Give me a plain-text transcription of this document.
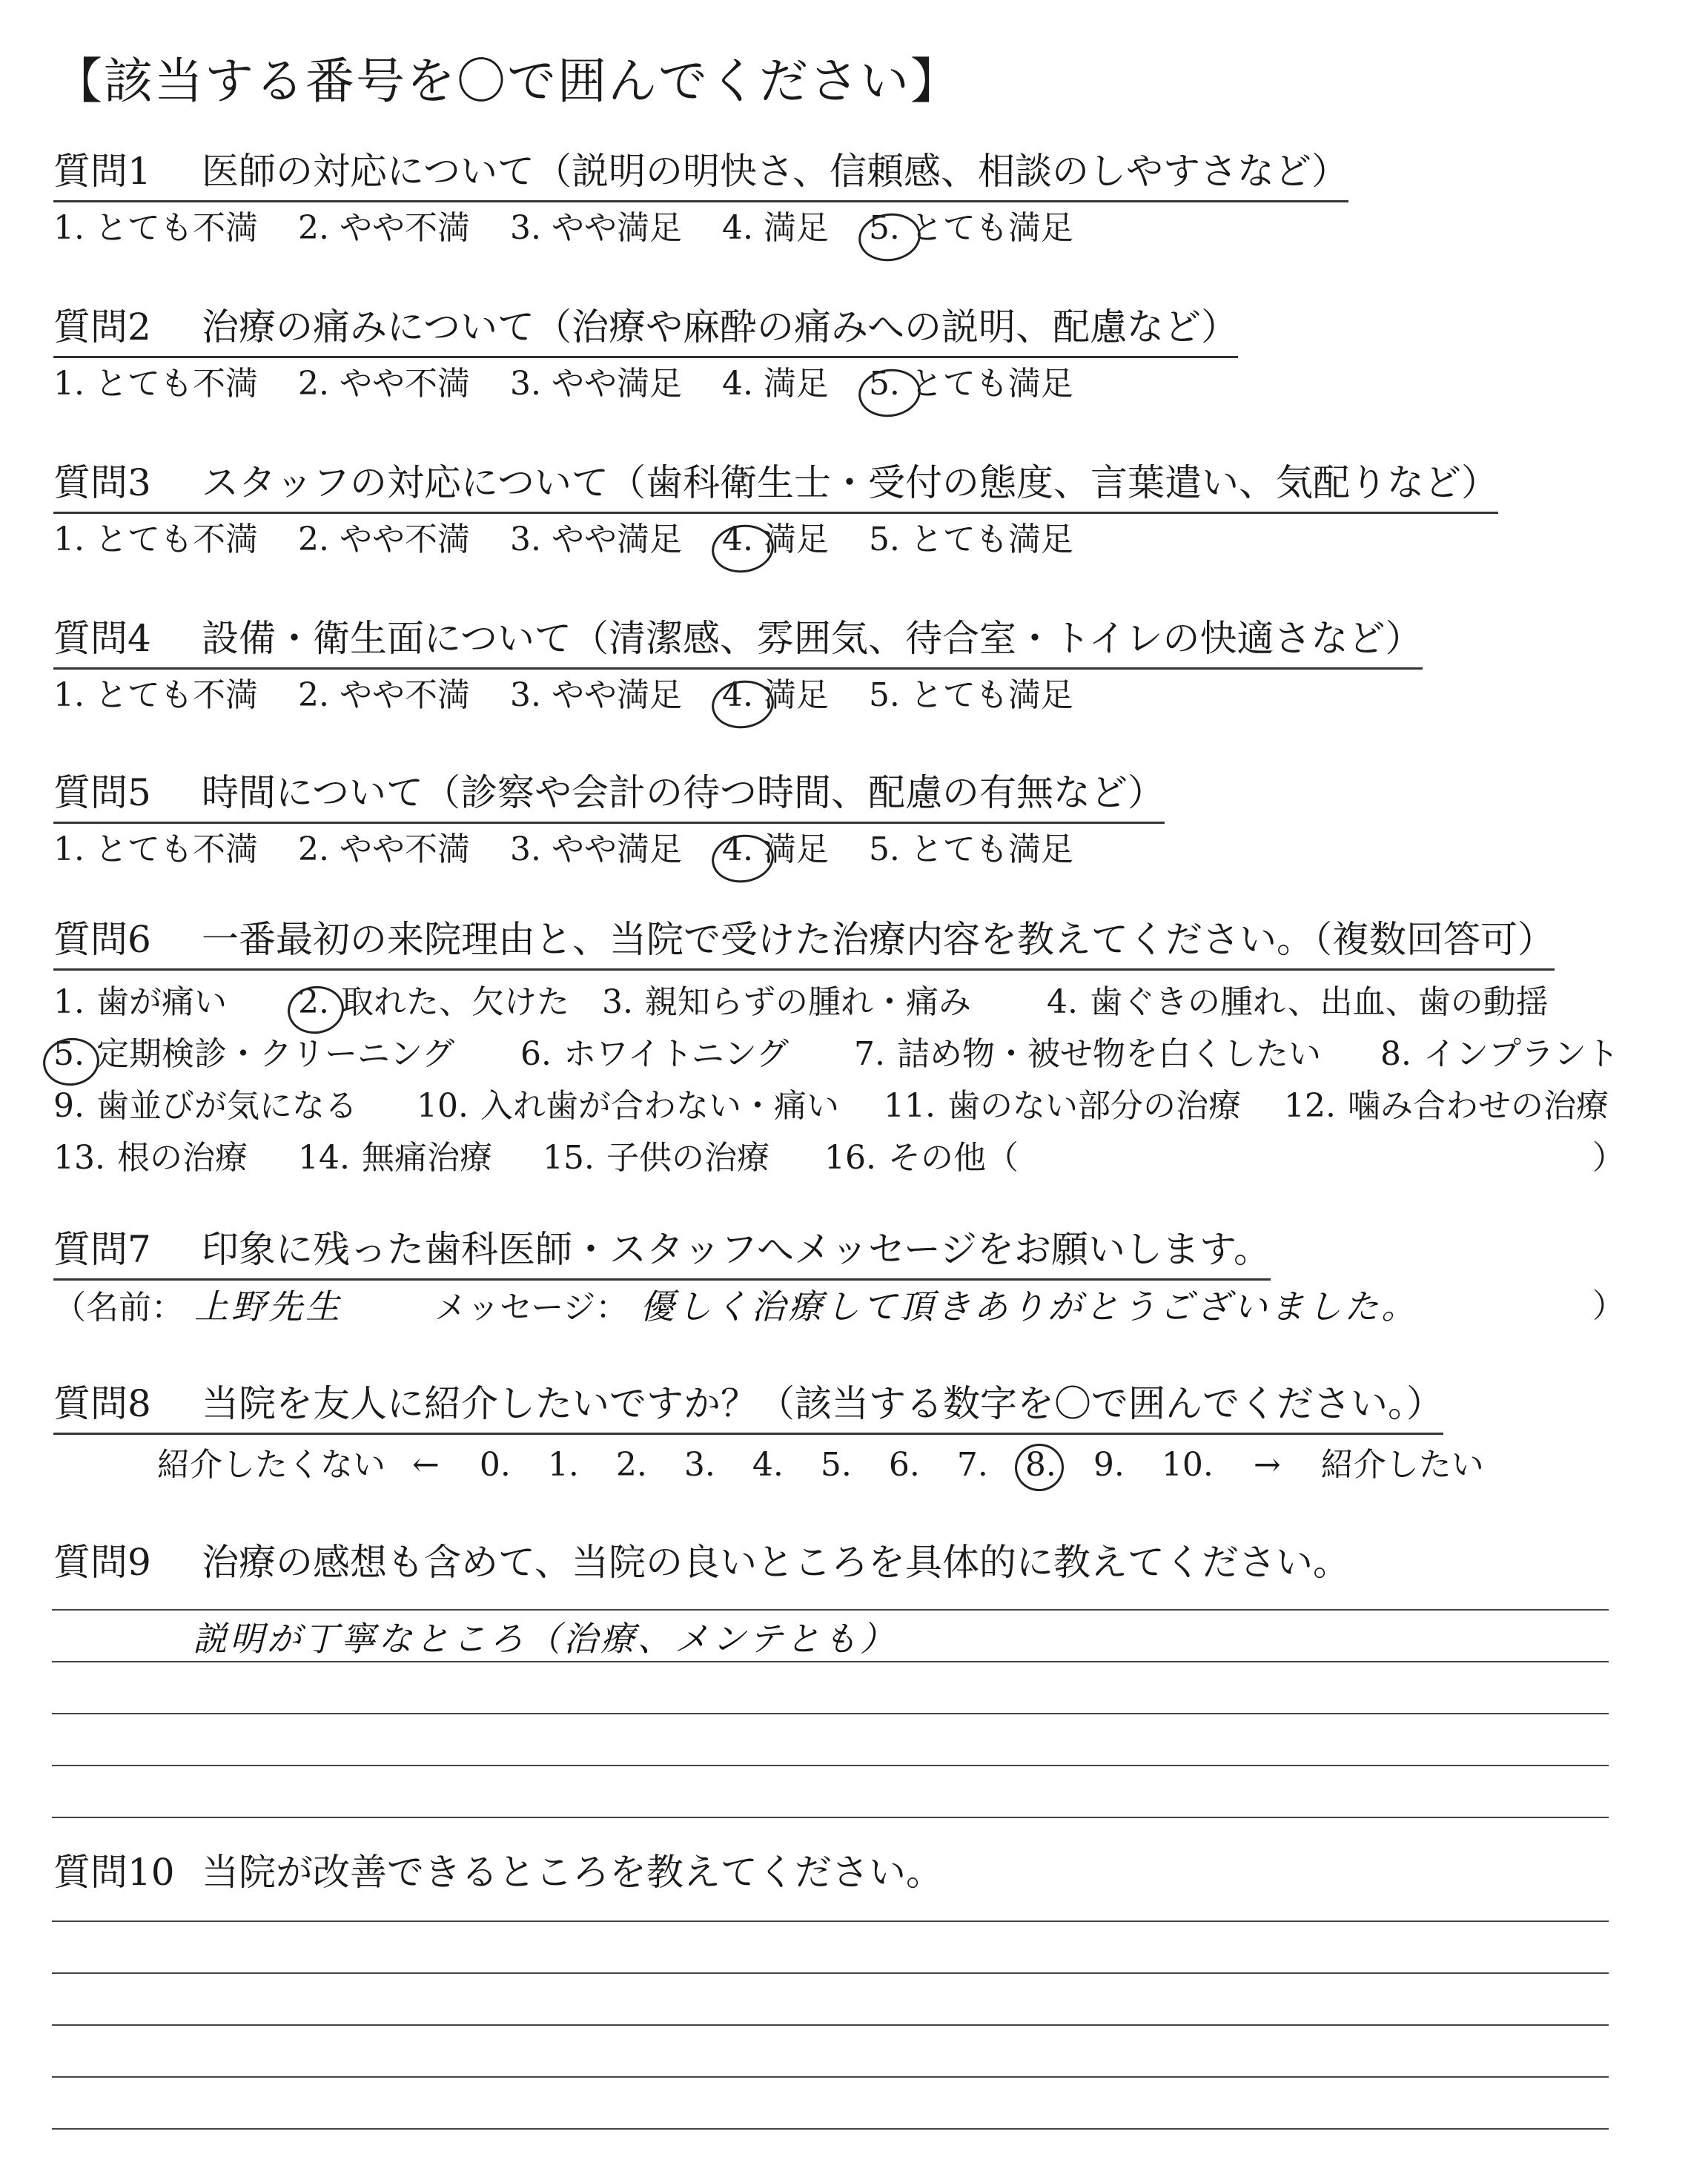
【該当する番号を〇で囲んでください】
質問1 医師の対応について（説明の明快さ、信頼感、相談のしやすさなど）
1. とても不満 2. やや不満 3. やや満足 4. 満足 5. とても満足
質問2 治療の痛みについて（治療や麻酔の痛みへの説明、配慮など）
1. とても不満 2. やや不満 3. やや満足 4. 満足 5. とても満足
質問3 スタッフの対応について（歯科衛生士・受付の態度、言葉遣い、気配りなど）
1. とても不満 2. やや不満 3. やや満足 4. 満足 5. とても満足
質問4 設備・衛生面について（清潔感、雰囲気、待合室・トイレの快適さなど）
1. とても不満 2. やや不満 3. やや満足 4. 満足 5. とても満足
質問5 時間について（診察や会計の待つ時間、配慮の有無など）
1. とても不満 2. やや不満 3. やや満足 4. 満足 5. とても満足
質問6 一番最初の来院理由と、当院で受けた治療内容を教えてください。（複数回答可）
1. 歯が痛い 2. 取れた、欠けた 3. 親知らずの腫れ・痛み 4. 歯ぐきの腫れ、出血、歯の動揺
5. 定期検診・クリーニング 6. ホワイトニング 7. 詰め物・被せ物を白くしたい 8. インプラント
9. 歯並びが気になる 10. 入れ歯が合わない・痛い 11. 歯のない部分の治療 12. 噛み合わせの治療
13. 根の治療 14. 無痛治療 15. 子供の治療 16. その他（	）
質問7 印象に残った歯科医師・スタッフへメッセージをお願いします。
（名前： 上野先生	メッセージ： 優しく治療して頂きありがとうございました。	）
質問8 当院を友人に紹介したいですか？（該当する数字を〇で囲んでください。）
紹介したくない ← 0. 1. 2. 3. 4. 5. 6. 7. 8. 9. 10. → 紹介したい
質問9 治療の感想も含めて、当院の良いところを具体的に教えてください。
説明が丁寧なところ（治療、メンテとも）
質問10 当院が改善できるところを教えてください。
